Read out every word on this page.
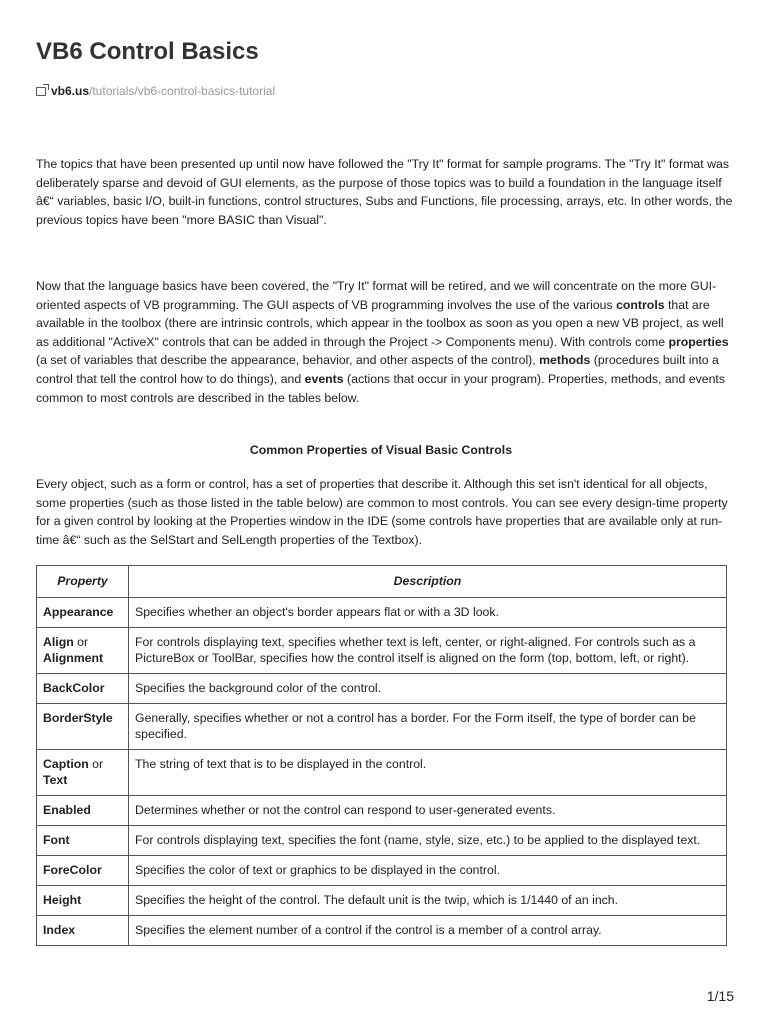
VB6 Control Basics
vb6.us /tutorials/vb6-control-basics-tutorial

The topics that have been presented up until now have followed the "Try It" format for sample programs. The "Try It" format was deliberately sparse and devoid of GUI elements, as the purpose of those topics was to build a foundation in the language itself â€“ variables, basic I/O, built-in functions, control structures, Subs and Functions, file processing, arrays, etc. In other words, the previous topics have been "more BASIC than Visual".

Now that the language basics have been covered, the "Try It" format will be retired, and we will concentrate on the more GUI-oriented aspects of VB programming. The GUI aspects of VB programming involves the use of the various controls that are available in the toolbox (there are intrinsic controls, which appear in the toolbox as soon as you open a new VB project, as well as additional "ActiveX" controls that can be added in through the Project -> Components menu). With controls come properties (a set of variables that describe the appearance, behavior, and other aspects of the control), methods (procedures built into a control that tell the control how to do things), and events (actions that occur in your program). Properties, methods, and events common to most controls are described in the tables below.

Common Properties of Visual Basic Controls

Every object, such as a form or control, has a set of properties that describe it. Although this set isn't identical for all objects, some properties (such as those listed in the table below) are common to most controls. You can see every design-time property for a given control by looking at the Properties window in the IDE (some controls have properties that are available only at run-time â€“ such as the SelStart and SelLength properties of the Textbox).

Property	Description
Appearance	Specifies whether an object's border appears flat or with a 3D look.
Align or Alignment	For controls displaying text, specifies whether text is left, center, or right-aligned. For controls such as a PictureBox or ToolBar, specifies how the control itself is aligned on the form (top, bottom, left, or right).
BackColor	Specifies the background color of the control.
BorderStyle	Generally, specifies whether or not a control has a border. For the Form itself, the type of border can be specified.
Caption or Text	The string of text that is to be displayed in the control.
Enabled	Determines whether or not the control can respond to user-generated events.
Font	For controls displaying text, specifies the font (name, style, size, etc.) to be applied to the displayed text.
ForeColor	Specifies the color of text or graphics to be displayed in the control.
Height	Specifies the height of the control. The default unit is the twip, which is 1/1440 of an inch.
Index	Specifies the element number of a control if the control is a member of a control array.
1/15
